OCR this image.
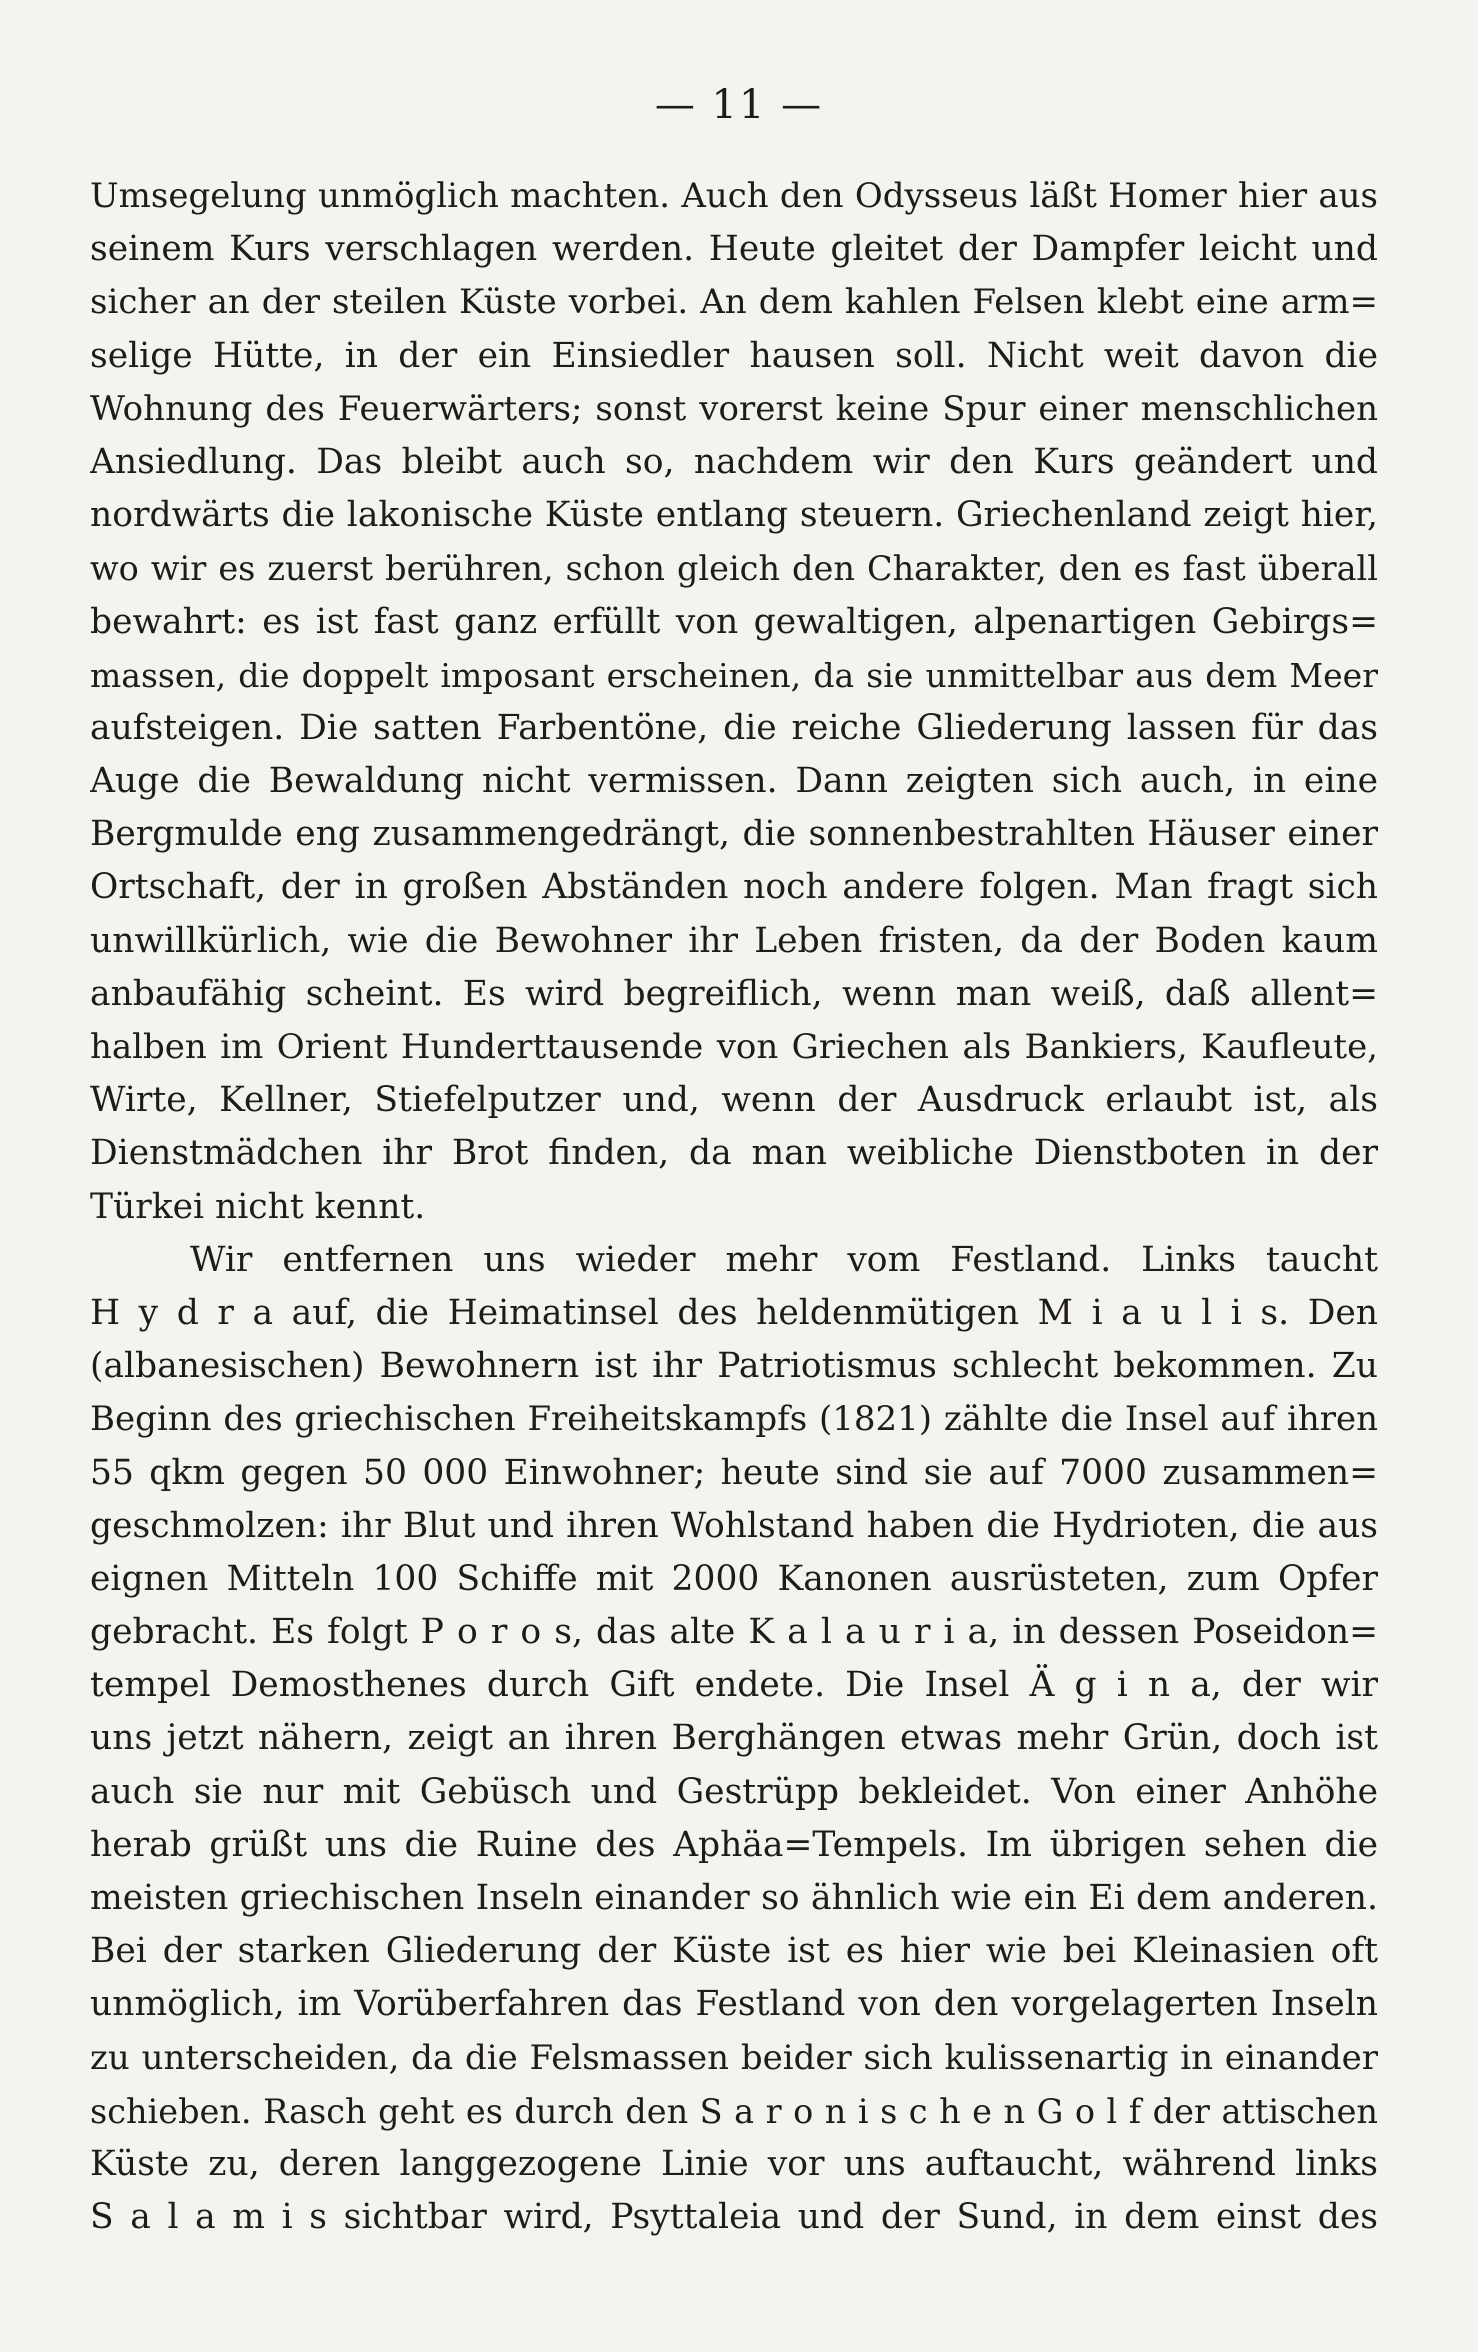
— 11 —
Umsegelung unmöglich machten. Auch den Odysseus läßt Homer hier aus
seinem Kurs verschlagen werden. Heute gleitet der Dampfer leicht und
sicher an der steilen Küste vorbei. An dem kahlen Felsen klebt eine arm=
selige Hütte, in der ein Einsiedler hausen soll. Nicht weit davon die
Wohnung des Feuerwärters; sonst vorerst keine Spur einer menschlichen
Ansiedlung. Das bleibt auch so, nachdem wir den Kurs geändert und
nordwärts die lakonische Küste entlang steuern. Griechenland zeigt hier,
wo wir es zuerst berühren, schon gleich den Charakter, den es fast überall
bewahrt: es ist fast ganz erfüllt von gewaltigen, alpenartigen Gebirgs=
massen, die doppelt imposant erscheinen, da sie unmittelbar aus dem Meer
aufsteigen. Die satten Farbentöne, die reiche Gliederung lassen für das
Auge die Bewaldung nicht vermissen. Dann zeigten sich auch, in eine
Bergmulde eng zusammengedrängt, die sonnenbestrahlten Häuser einer
Ortschaft, der in großen Abständen noch andere folgen. Man fragt sich
unwillkürlich, wie die Bewohner ihr Leben fristen, da der Boden kaum
anbaufähig scheint. Es wird begreiflich, wenn man weiß, daß allent=
halben im Orient Hunderttausende von Griechen als Bankiers, Kaufleute,
Wirte, Kellner, Stiefelputzer und, wenn der Ausdruck erlaubt ist, als
Dienstmädchen ihr Brot finden, da man weibliche Dienstboten in der
Türkei nicht kennt.
Wir entfernen uns wieder mehr vom Festland. Links taucht
H y d r a auf, die Heimatinsel des heldenmütigen M i a u l i s. Den
(albanesischen) Bewohnern ist ihr Patriotismus schlecht bekommen. Zu
Beginn des griechischen Freiheitskampfs (1821) zählte die Insel auf ihren
55 qkm gegen 50 000 Einwohner; heute sind sie auf 7000 zusammen=
geschmolzen: ihr Blut und ihren Wohlstand haben die Hydrioten, die aus
eignen Mitteln 100 Schiffe mit 2000 Kanonen ausrüsteten, zum Opfer
gebracht. Es folgt P o r o s, das alte K a l a u r i a, in dessen Poseidon=
tempel Demosthenes durch Gift endete. Die Insel Ä g i n a, der wir
uns jetzt nähern, zeigt an ihren Berghängen etwas mehr Grün, doch ist
auch sie nur mit Gebüsch und Gestrüpp bekleidet. Von einer Anhöhe
herab grüßt uns die Ruine des Aphäa=Tempels. Im übrigen sehen die
meisten griechischen Inseln einander so ähnlich wie ein Ei dem anderen.
Bei der starken Gliederung der Küste ist es hier wie bei Kleinasien oft
unmöglich, im Vorüberfahren das Festland von den vorgelagerten Inseln
zu unterscheiden, da die Felsmassen beider sich kulissenartig in einander
schieben. Rasch geht es durch den S a r o n i s c h e n G o l f der attischen
Küste zu, deren langgezogene Linie vor uns auftaucht, während links
S a l a m i s sichtbar wird, Psyttaleia und der Sund, in dem einst des
